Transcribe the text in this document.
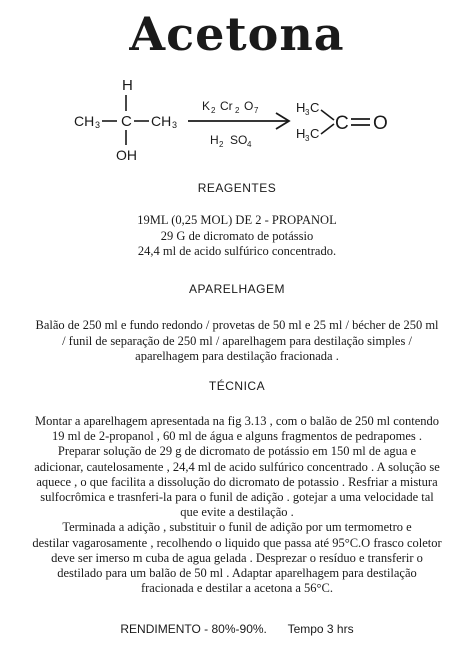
Acetona
H
CH 3 C CH 3
OH
K 2 Cr 2 O 7
H 2 SO 4
H 3 C
H 3 C C O
REAGENTES
19ML (0,25 MOL) DE 2 - PROPANOL
29 G de dicromato de potássio
24,4 ml de acido sulfúrico concentrado.
APARELHAGEM
Balão de 250 ml e fundo redondo / provetas de 50 ml e 25 ml / bécher de 250 ml
/ funil de separação de 250 ml / aparelhagem para destilação simples /
aparelhagem para destilação fracionada .
TÉCNICA
Montar a aparelhagem apresentada na fig 3.13 , com o balão de 250 ml contendo
19 ml de 2-propanol , 60 ml de água e alguns fragmentos de pedrapomes .
Preparar solução de 29 g de dicromato de potássio em 150 ml de agua e
adicionar, cautelosamente , 24,4 ml de acido sulfúrico concentrado . A solução se
aquece , o que facilita a dissolução do dicromato de potassio . Resfriar a mistura
sulfocrômica e trasnferi-la para o funil de adição . gotejar a uma velocidade tal
que evite a destilação .
Terminada a adição , substituir o funil de adição por um termometro e
destilar vagarosamente , recolhendo o liquido que passa até 95°C.O frasco coletor
deve ser imerso m cuba de agua gelada . Desprezar o resíduo e transferir o
destilado para um balão de 50 ml . Adaptar aparelhagem para destilação
fracionada e destilar a acetona a 56°C.
RENDIMENTO - 80%-90%. Tempo 3 hrs
